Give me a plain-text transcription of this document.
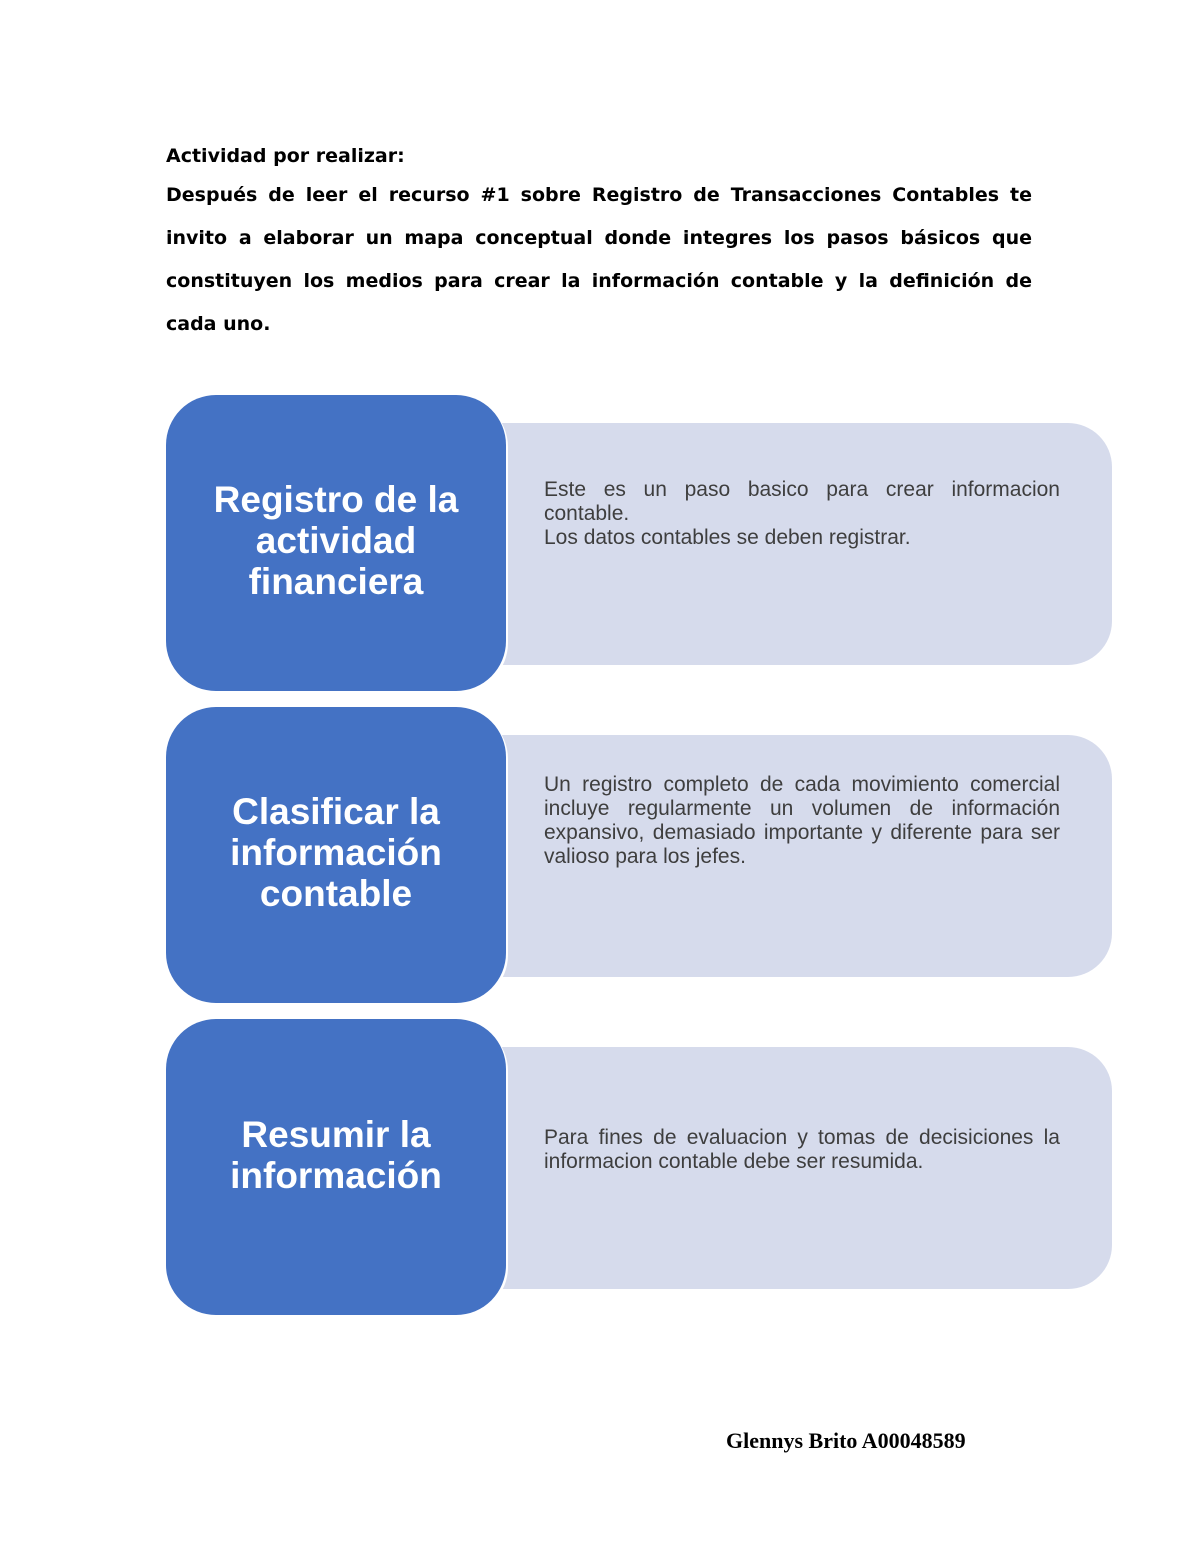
Actividad por realizar:

Después de leer el recurso #1 sobre Registro de Transacciones Contables te invito a elaborar un mapa conceptual donde integres los pasos básicos que constituyen los medios para crear la información contable y la definición de cada uno.

Este es un paso basico para crear informacion contable.
Los datos contables se deben registrar.
Registro de la
actividad
financiera
Un registro completo de cada movimiento comercial incluye regularmente un volumen de información expansivo, demasiado importante y diferente para ser valioso para los jefes.
Clasificar la
información
contable
Para fines de evaluacion y tomas de decisiciones la informacion contable debe ser resumida.
Resumir la
información
Glennys Brito A00048589
